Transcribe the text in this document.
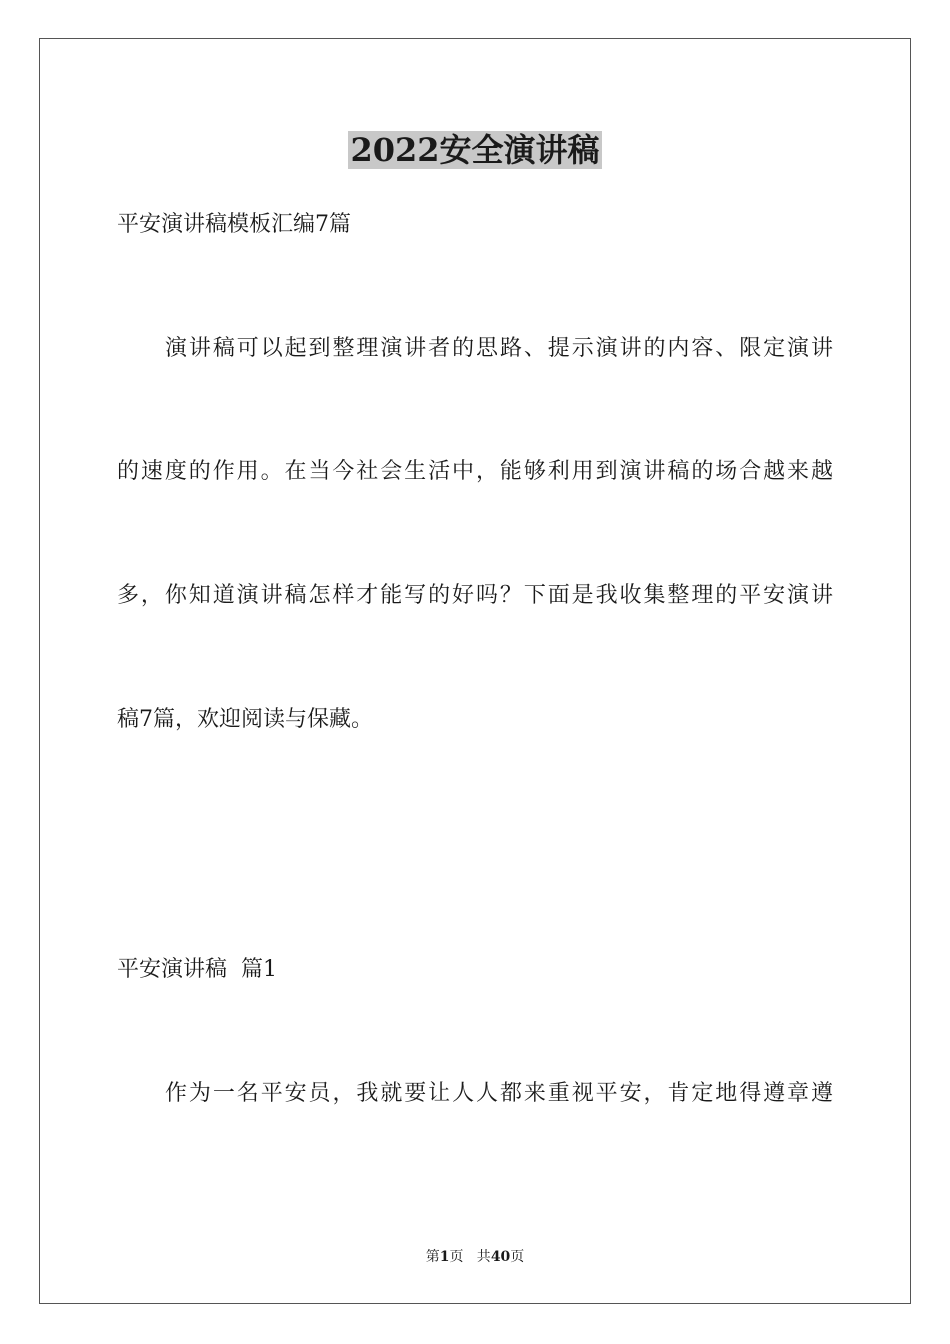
2022安全演讲稿
平安演讲稿模板汇编7篇
演讲稿可以起到整理演讲者的思路、提示演讲的内容、限定演讲
的速度的作用。在当今社会生活中，能够利用到演讲稿的场合越来越
多，你知道演讲稿怎样才能写的好吗？下面是我收集整理的平安演讲
稿7篇，欢迎阅读与保藏。
平安演讲稿  篇1
作为一名平安员，我就要让人人都来重视平安，肯定地得遵章遵
第1页   共40页
